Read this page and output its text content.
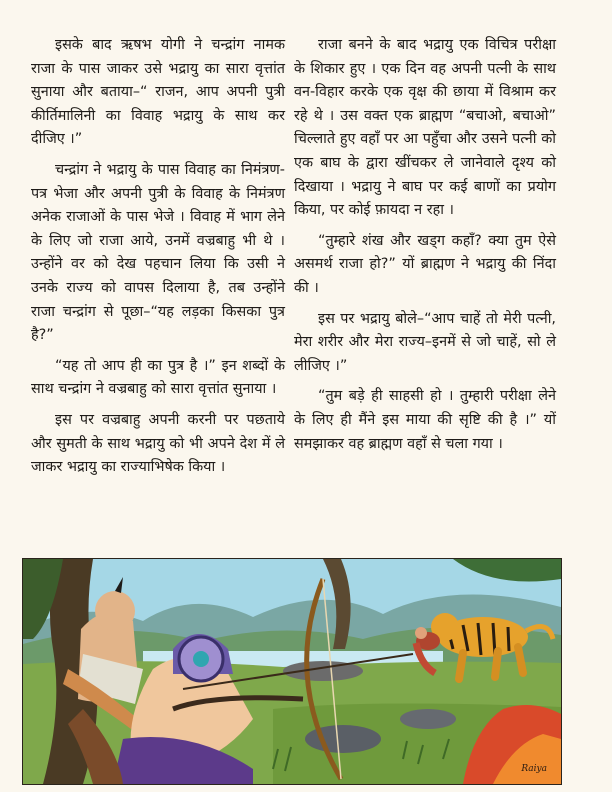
इसके बाद ऋषभ योगी ने चन्द्रांग नामक राजा के पास जाकर उसे भद्रायु का सारा वृत्तांत सुनाया और बताया–“ राजन, आप अपनी पुत्री कीर्तिमालिनी का विवाह भद्रायु के साथ कर दीजिए ।”

चन्द्रांग ने भद्रायु के पास विवाह का निमंत्रण-पत्र भेजा और अपनी पुत्री के विवाह के निमंत्रण अनेक राजाओं के पास भेजे । विवाह में भाग लेने के लिए जो राजा आये, उनमें वज्रबाहु भी थे । उन्होंने वर को देख पहचान लिया कि उसी ने उनके राज्य को वापस दिलाया है, तब उन्होंने राजा चन्द्रांग से पूछा–“यह लड़का किसका पुत्र है?”

“यह तो आप ही का पुत्र है ।” इन शब्दों के साथ चन्द्रांग ने वज्रबाहु को सारा वृत्तांत सुनाया ।

इस पर वज्रबाहु अपनी करनी पर पछताये और सुमती के साथ भद्रायु को भी अपने देश में ले जाकर भद्रायु का राज्याभिषेक किया ।

राजा बनने के बाद भद्रायु एक विचित्र परीक्षा के शिकार हुए । एक दिन वह अपनी पत्नी के साथ वन-विहार करके एक वृक्ष की छाया में विश्राम कर रहे थे । उस वक्त एक ब्राह्मण “बचाओ, बचाओ” चिल्लाते हुए वहाँ पर आ पहुँचा और उसने पत्नी को एक बाघ के द्वारा खींचकर ले जानेवाले दृश्य को दिखाया । भद्रायु ने बाघ पर कई बाणों का प्रयोग किया, पर कोई फ़ायदा न रहा ।

“तुम्हारे शंख और खड्ग कहाँ? क्या तुम ऐसे असमर्थ राजा हो?” यों ब्राह्मण ने भद्रायु की निंदा की ।

इस पर भद्रायु बोले–“आप चाहें तो मेरी पत्नी, मेरा शरीर और मेरा राज्य–इनमें से जो चाहें, सो ले लीजिए ।”

“तुम बड़े ही साहसी हो । तुम्हारी परीक्षा लेने के लिए ही मैंने इस माया की सृष्टि की है ।” यों समझाकर वह ब्राह्मण वहाँ से चला गया ।

Raiya
